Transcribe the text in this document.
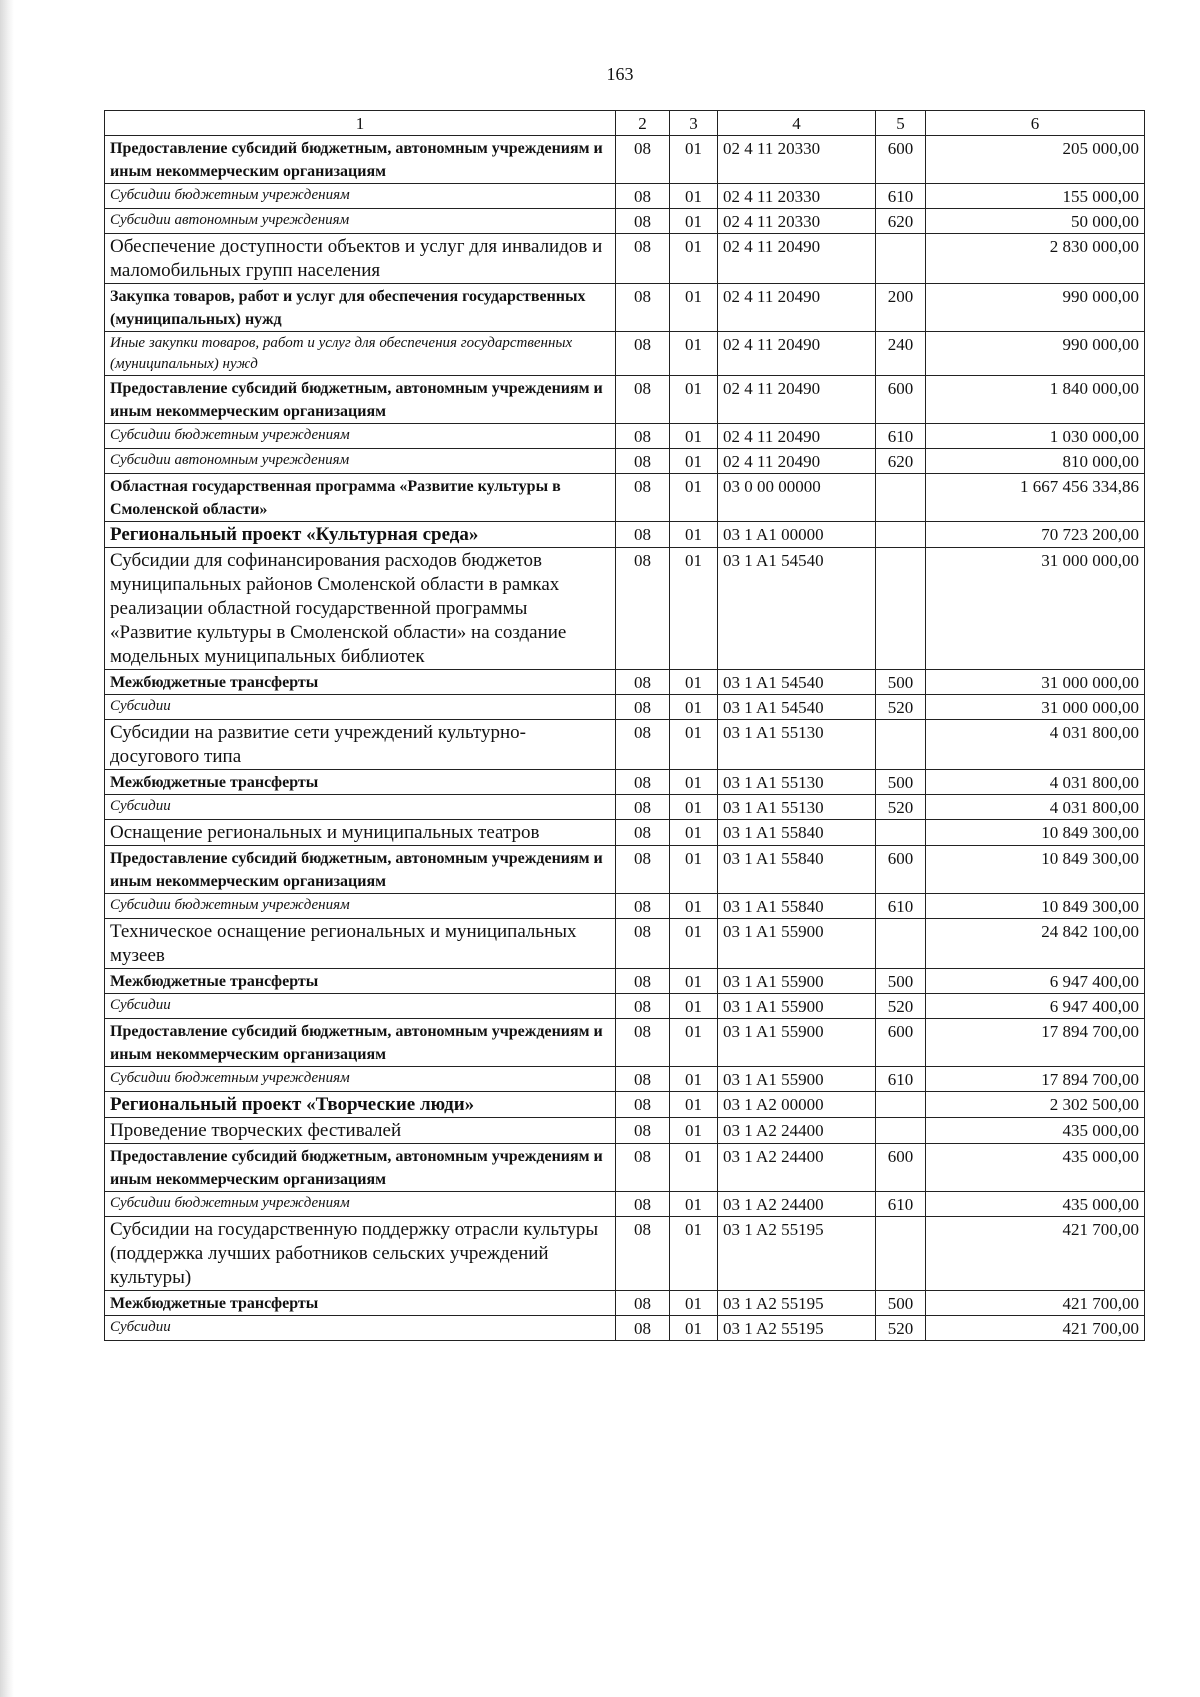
163
1	2	3	4	5	6
Предоставление субсидий бюджетным, автономным учреждениям и иным некоммерческим организациям	08	01	02 4 11 20330	600	205 000,00
Субсидии бюджетным учреждениям	08	01	02 4 11 20330	610	155 000,00
Субсидии автономным учреждениям	08	01	02 4 11 20330	620	50 000,00
Обеспечение доступности объектов и услуг для инвалидов и маломобильных групп населения	08	01	02 4 11 20490		2 830 000,00
Закупка товаров, работ и услуг для обеспечения государственных (муниципальных) нужд	08	01	02 4 11 20490	200	990 000,00
Иные закупки товаров, работ и услуг для обеспечения государственных (муниципальных) нужд	08	01	02 4 11 20490	240	990 000,00
Предоставление субсидий бюджетным, автономным учреждениям и иным некоммерческим организациям	08	01	02 4 11 20490	600	1 840 000,00
Субсидии бюджетным учреждениям	08	01	02 4 11 20490	610	1 030 000,00
Субсидии автономным учреждениям	08	01	02 4 11 20490	620	810 000,00
Областная государственная программа «Развитие культуры в Смоленской области»	08	01	03 0 00 00000		1 667 456 334,86
Региональный проект «Культурная среда»	08	01	03 1 A1 00000		70 723 200,00
Субсидии для софинансирования расходов бюджетов муниципальных районов Смоленской области в рамках реализации областной государственной программы «Развитие культуры в Смоленской области» на создание модельных муниципальных библиотек	08	01	03 1 A1 54540		31 000 000,00
Межбюджетные трансферты	08	01	03 1 A1 54540	500	31 000 000,00
Субсидии	08	01	03 1 A1 54540	520	31 000 000,00
Субсидии на развитие сети учреждений культурно-досугового типа	08	01	03 1 A1 55130		4 031 800,00
Межбюджетные трансферты	08	01	03 1 A1 55130	500	4 031 800,00
Субсидии	08	01	03 1 A1 55130	520	4 031 800,00
Оснащение региональных и муниципальных театров	08	01	03 1 A1 55840		10 849 300,00
Предоставление субсидий бюджетным, автономным учреждениям и иным некоммерческим организациям	08	01	03 1 A1 55840	600	10 849 300,00
Субсидии бюджетным учреждениям	08	01	03 1 A1 55840	610	10 849 300,00
Техническое оснащение региональных и муниципальных музеев	08	01	03 1 A1 55900		24 842 100,00
Межбюджетные трансферты	08	01	03 1 A1 55900	500	6 947 400,00
Субсидии	08	01	03 1 A1 55900	520	6 947 400,00
Предоставление субсидий бюджетным, автономным учреждениям и иным некоммерческим организациям	08	01	03 1 A1 55900	600	17 894 700,00
Субсидии бюджетным учреждениям	08	01	03 1 A1 55900	610	17 894 700,00
Региональный проект «Творческие люди»	08	01	03 1 A2 00000		2 302 500,00
Проведение творческих фестивалей	08	01	03 1 A2 24400		435 000,00
Предоставление субсидий бюджетным, автономным учреждениям и иным некоммерческим организациям	08	01	03 1 A2 24400	600	435 000,00
Субсидии бюджетным учреждениям	08	01	03 1 A2 24400	610	435 000,00
Субсидии на государственную поддержку отрасли культуры (поддержка лучших работников сельских учреждений культуры)	08	01	03 1 A2 55195		421 700,00
Межбюджетные трансферты	08	01	03 1 A2 55195	500	421 700,00
Субсидии	08	01	03 1 A2 55195	520	421 700,00
